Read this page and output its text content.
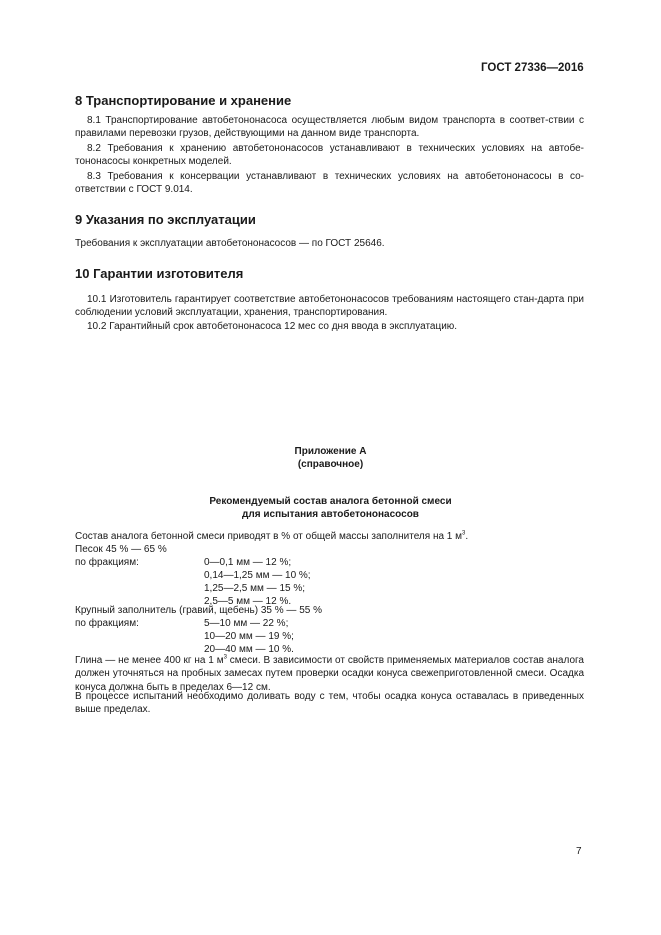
ГОСТ 27336—2016
8 Транспортирование и хранение
8.1 Транспортирование автобетононасоса осуществляется любым видом транспорта в соответ-ствии с правилами перевозки грузов, действующими на данном виде транспорта.
8.2 Требования к хранению автобетононасосов устанавливают в технических условиях на автобе-тононасосы конкретных моделей.
8.3 Требования к консервации устанавливают в технических условиях на автобетононасосы в со-ответствии с ГОСТ 9.014.
9 Указания по эксплуатации
Требования к эксплуатации автобетононасосов — по ГОСТ 25646.
10 Гарантии изготовителя
10.1 Изготовитель гарантирует соответствие автобетононасосов требованиям настоящего стан-дарта при соблюдении условий эксплуатации, хранения, транспортирования.
10.2 Гарантийный срок автобетононасоса 12 мес со дня ввода в эксплуатацию.
Приложение А
(справочное)
Рекомендуемый состав аналога бетонной смеси
для испытания автобетононасосов
Состав аналога бетонной смеси приводят в % от общей массы заполнителя на 1 $м^3$.
Песок 45 % — 65 %
по фракциям:	0—0,1 мм — 12 %;
0,14—1,25 мм — 10 %;
1,25—2,5 мм — 15 %;
2,5—5 мм — 12 %.
Крупный заполнитель (гравий, щебень) 35 % — 55 %
по фракциям:	5—10 мм — 22 %;
10—20 мм — 19 %;
20—40 мм — 10 %.
Глина — не менее 400 кг на 1 $м^3$ смеси. В зависимости от свойств применяемых материалов состав аналога должен уточняться на пробных замесах путем проверки осадки конуса свежеприготовленной смеси. Осадка конуса должна быть в пределах 6—12 см.
В процессе испытаний необходимо доливать воду с тем, чтобы осадка конуса оставалась в приведенных выше пределах.
7
